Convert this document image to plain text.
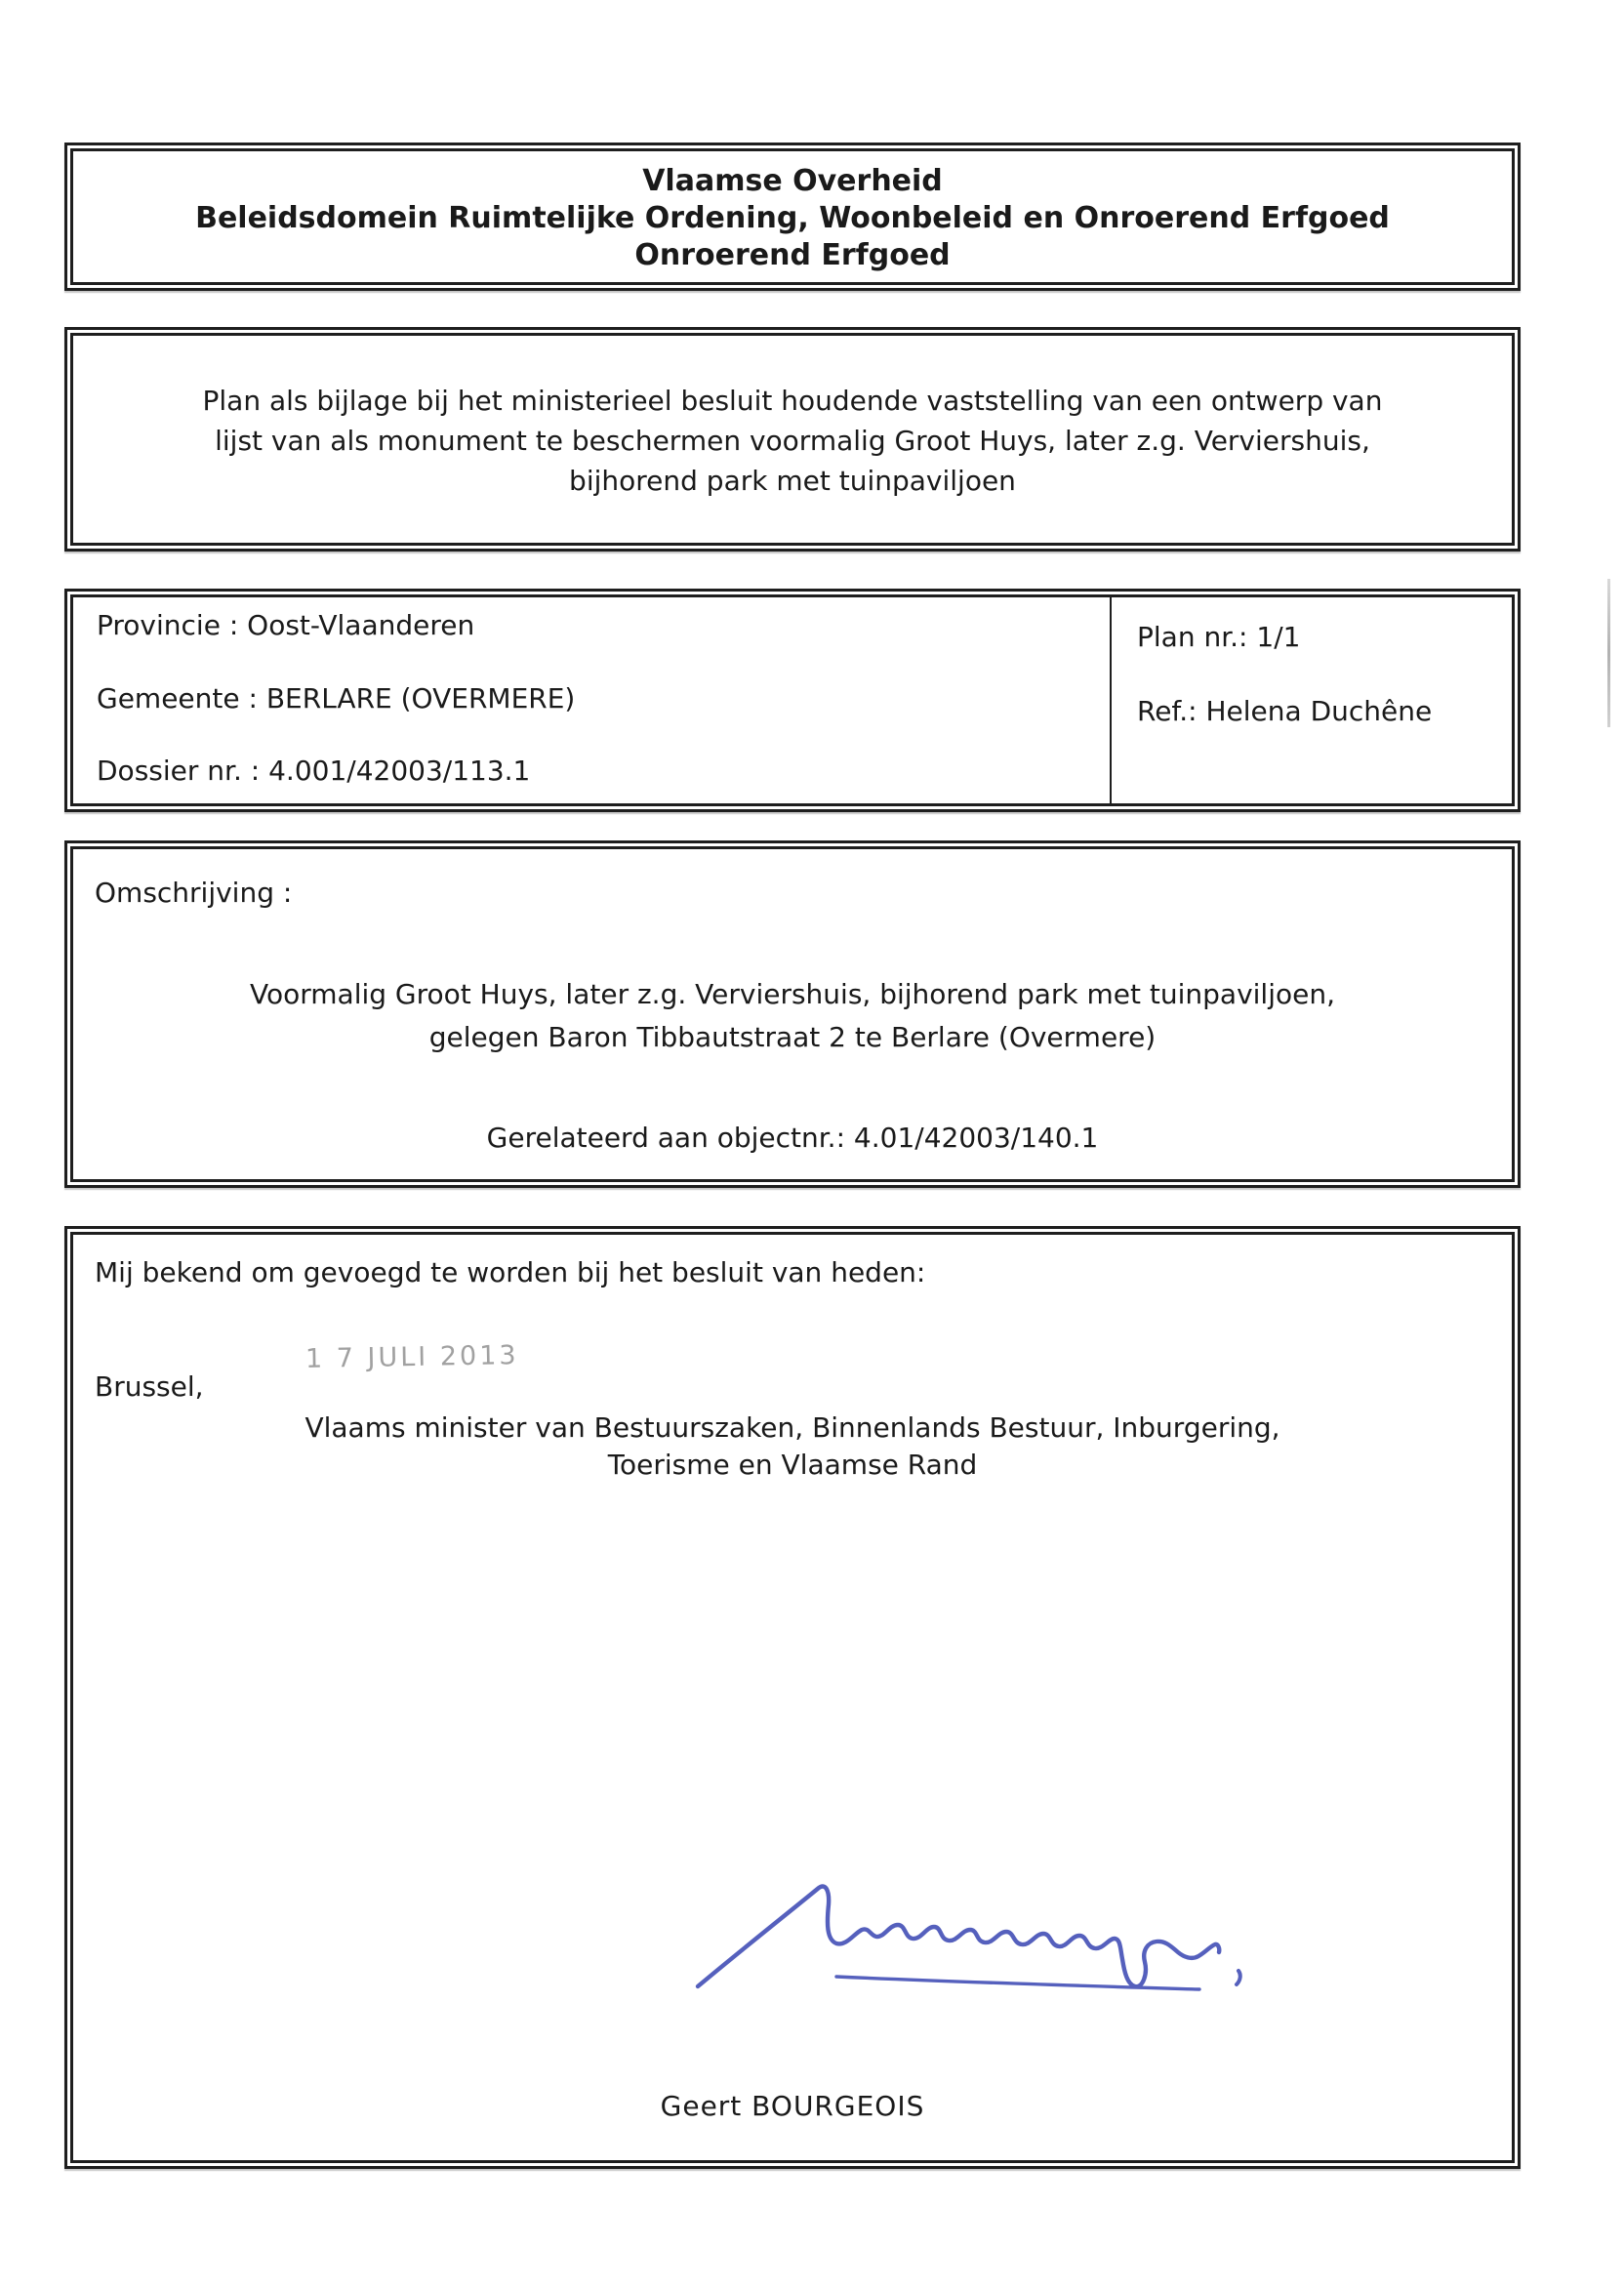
Vlaamse Overheid
Beleidsdomein Ruimtelijke Ordening, Woonbeleid en Onroerend Erfgoed
Onroerend Erfgoed
Plan als bijlage bij het ministerieel besluit houdende vaststelling van een ontwerp van
lijst van als monument te beschermen voormalig Groot Huys, later z.g. Verviershuis,
bijhorend park met tuinpaviljoen
Provincie : Oost-Vlaanderen
Gemeente : BERLARE (OVERMERE)
Dossier nr. : 4.001/42003/113.1
Plan nr.: 1/1
Ref.: Helena Duchêne
Omschrijving :
Voormalig Groot Huys, later z.g. Verviershuis, bijhorend park met tuinpaviljoen,
gelegen Baron Tibbautstraat 2 te Berlare (Overmere)
Gerelateerd aan objectnr.: 4.01/42003/140.1
Mij bekend om gevoegd te worden bij het besluit van heden:
Brussel,
1 7 JULI 2013
Vlaams minister van Bestuurszaken, Binnenlands Bestuur, Inburgering,
Toerisme en Vlaamse Rand
Geert BOURGEOIS
